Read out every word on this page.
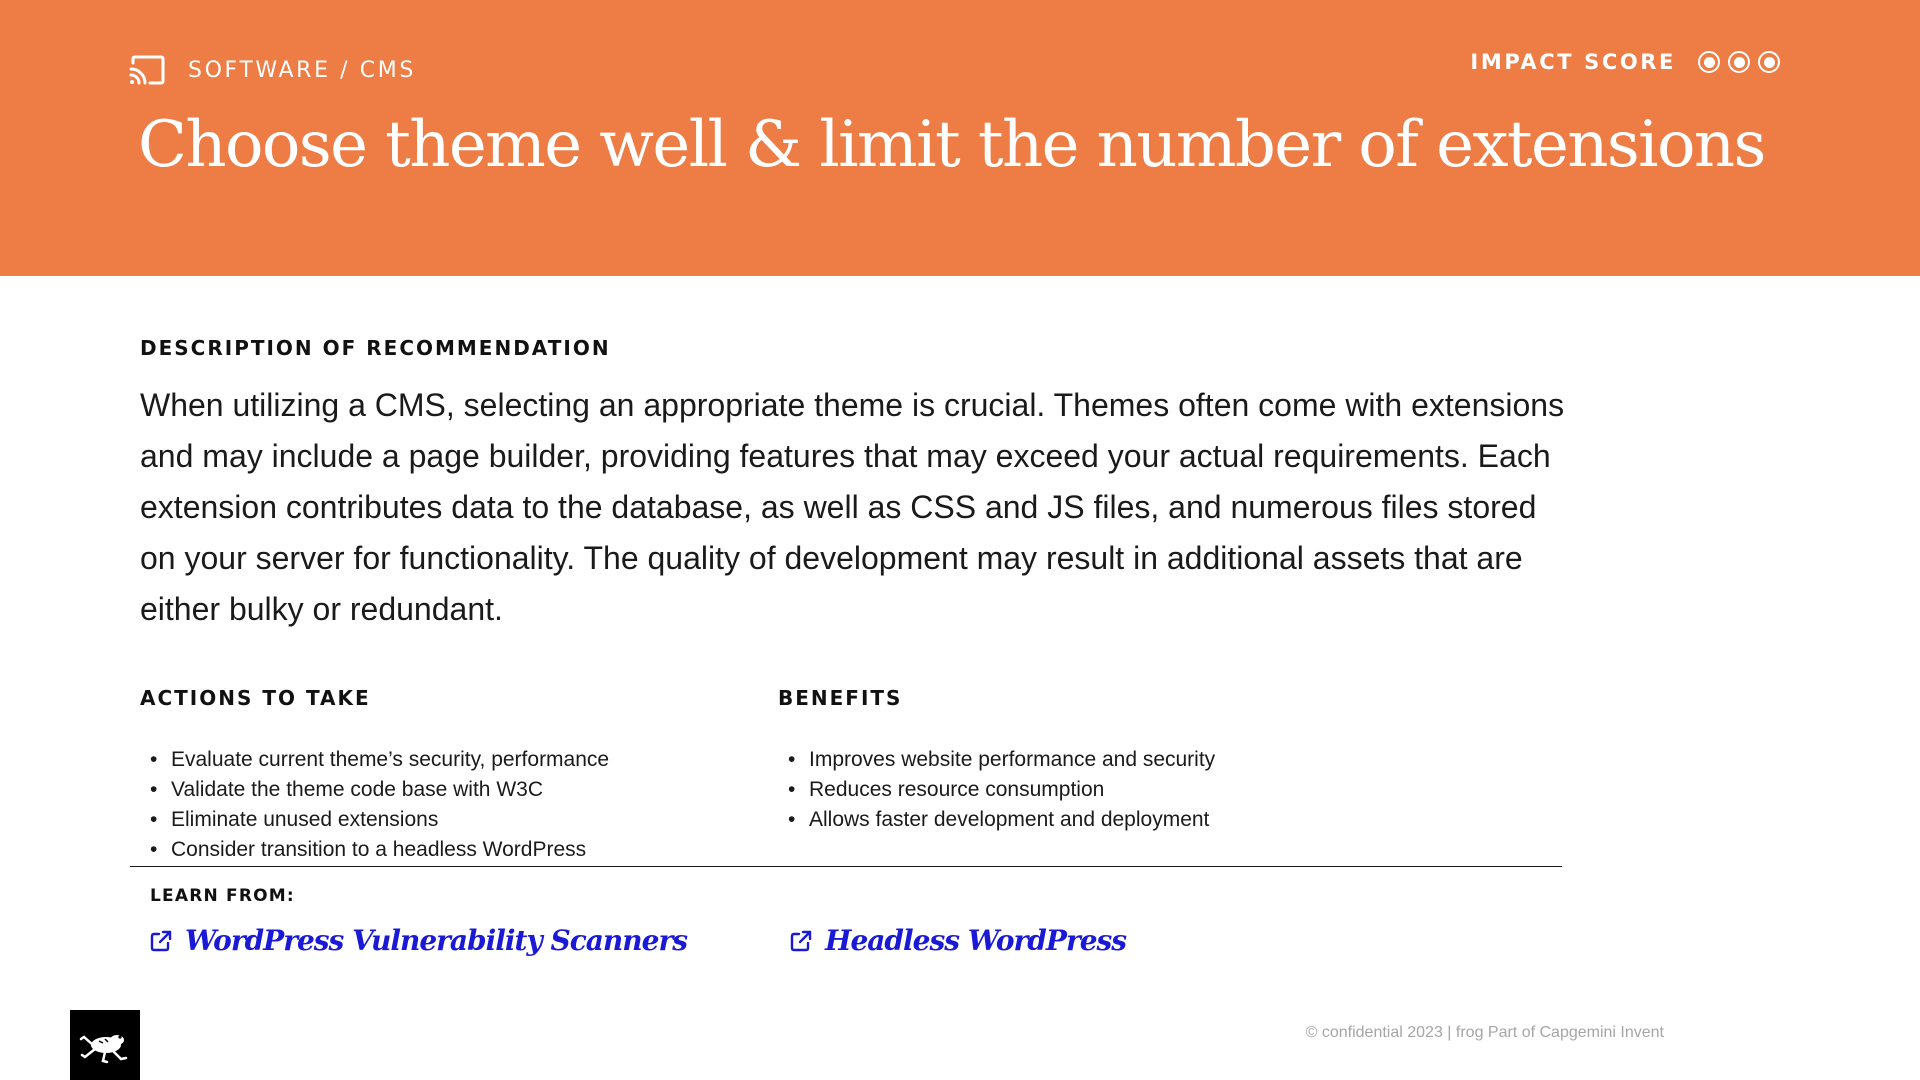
SOFTWARE / CMS	IMPACT SCORE
Choose theme well & limit the number of extensions
DESCRIPTION OF RECOMMENDATION

When utilizing a CMS, selecting an appropriate theme is crucial. Themes often come with extensions and may include a page builder, providing features that may exceed your actual requirements. Each extension contributes data to the database, as well as CSS and JS files, and numerous files stored on your server for functionality. The quality of development may result in additional assets that are either bulky or redundant.

ACTIONS TO TAKE
• Evaluate current theme’s security, performance
• Validate the theme code base with W3C
• Eliminate unused extensions
• Consider transition to a headless WordPress
BENEFITS
• Improves website performance and security
• Reduces resource consumption
• Allows faster development and deployment
LEARN FROM:
WordPress Vulnerability Scanners	Headless WordPress
© confidential 2023 | frog Part of Capgemini Invent
